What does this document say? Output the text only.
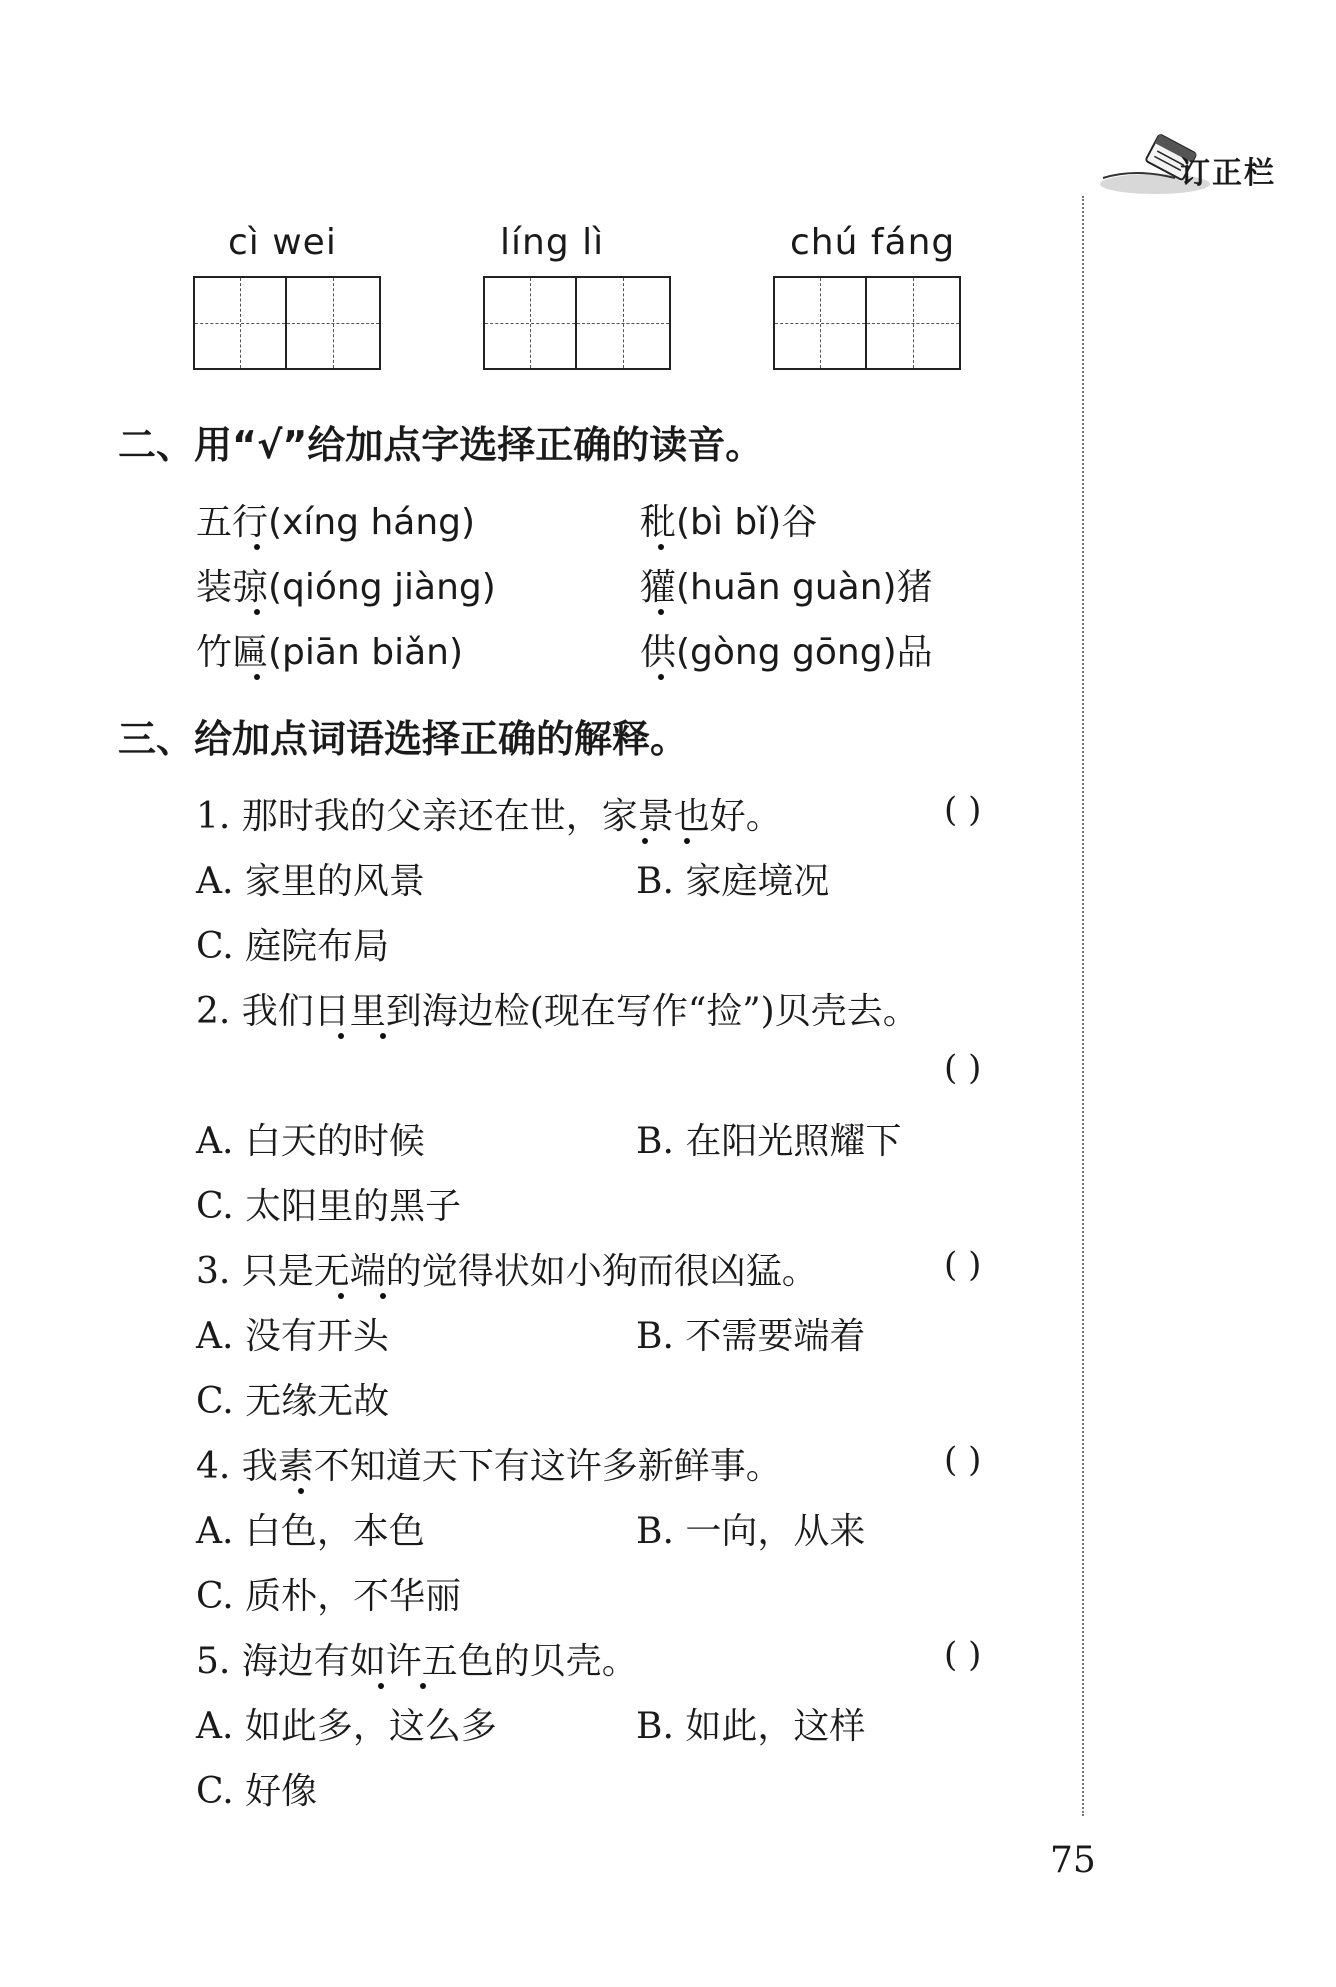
订正栏
cì wei	líng lì	chú fáng
二、用“√”给加点字选择正确的读音。
五行(xíng háng)	秕(bì bǐ)谷
装弶(qióng jiàng)	獾(huān guàn)猪
竹匾(piān biǎn)	供(gòng gōng)品
三、给加点词语选择正确的解释。
1. 那时我的父亲还在世，家景也好。	( )
A. 家里的风景	B. 家庭境况
C. 庭院布局
2. 我们日里到海边检(现在写作“捡”)贝壳去。
( )
A. 白天的时候	B. 在阳光照耀下
C. 太阳里的黑子
3. 只是无端的觉得状如小狗而很凶猛。	( )
A. 没有开头	B. 不需要端着
C. 无缘无故
4. 我素不知道天下有这许多新鲜事。	( )
A. 白色，本色	B. 一向，从来
C. 质朴，不华丽
5. 海边有如许五色的贝壳。	( )
A. 如此多，这么多	B. 如此，这样
C. 好像
75
